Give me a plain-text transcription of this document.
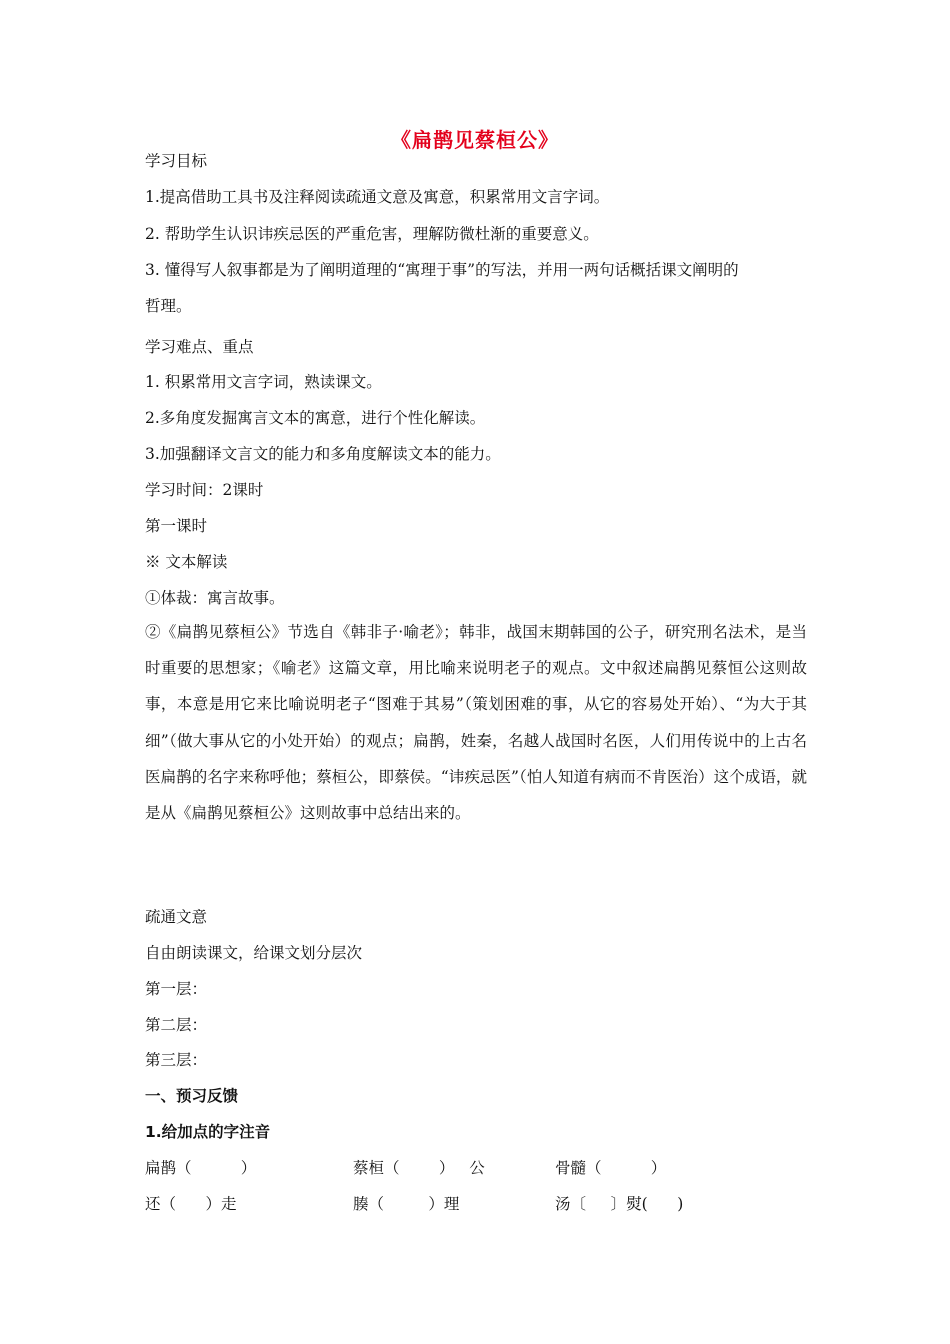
《扁鹊见蔡桓公》
学习目标
1.提高借助工具书及注释阅读疏通文意及寓意，积累常用文言字词。
2. 帮助学生认识讳疾忌医的严重危害，理解防微杜渐的重要意义。
3. 懂得写人叙事都是为了阐明道理的“寓理于事”的写法，并用一两句话概括课文阐明的
哲理。
学习难点、重点
1. 积累常用文言字词，熟读课文。
2.多角度发掘寓言文本的寓意，进行个性化解读。
3.加强翻译文言文的能力和多角度解读文本的能力。
学习时间：2课时
第一课时
※ 文本解读
①体裁：寓言故事。
②《扁鹊见蔡桓公》节选自《韩非子·喻老》；韩非，战国末期韩国的公子，研究刑名法术，是当时重要的思想家；《喻老》这篇文章，用比喻来说明老子的观点。文中叙述扁鹊见蔡恒公这则故事，本意是用它来比喻说明老子“图难于其易”（策划困难的事，从它的容易处开始）、“为大于其细”（做大事从它的小处开始）的观点；扁鹊，姓秦，名越人战国时名医，人们用传说中的上古名医扁鹊的名字来称呼他；蔡桓公，即蔡侯。“讳疾忌医”（怕人知道有病而不肯医治）这个成语，就是从《扁鹊见蔡桓公》这则故事中总结出来的。
疏通文意
自由朗读课文，给课文划分层次
第一层：
第二层：
第三层：
一、预习反馈
1.给加点的字注音
扁鹊（          ）	蔡桓（        ）   公	骨髓（          ）
还（      ）走	腠（         ）理	汤〔     〕熨(      )
